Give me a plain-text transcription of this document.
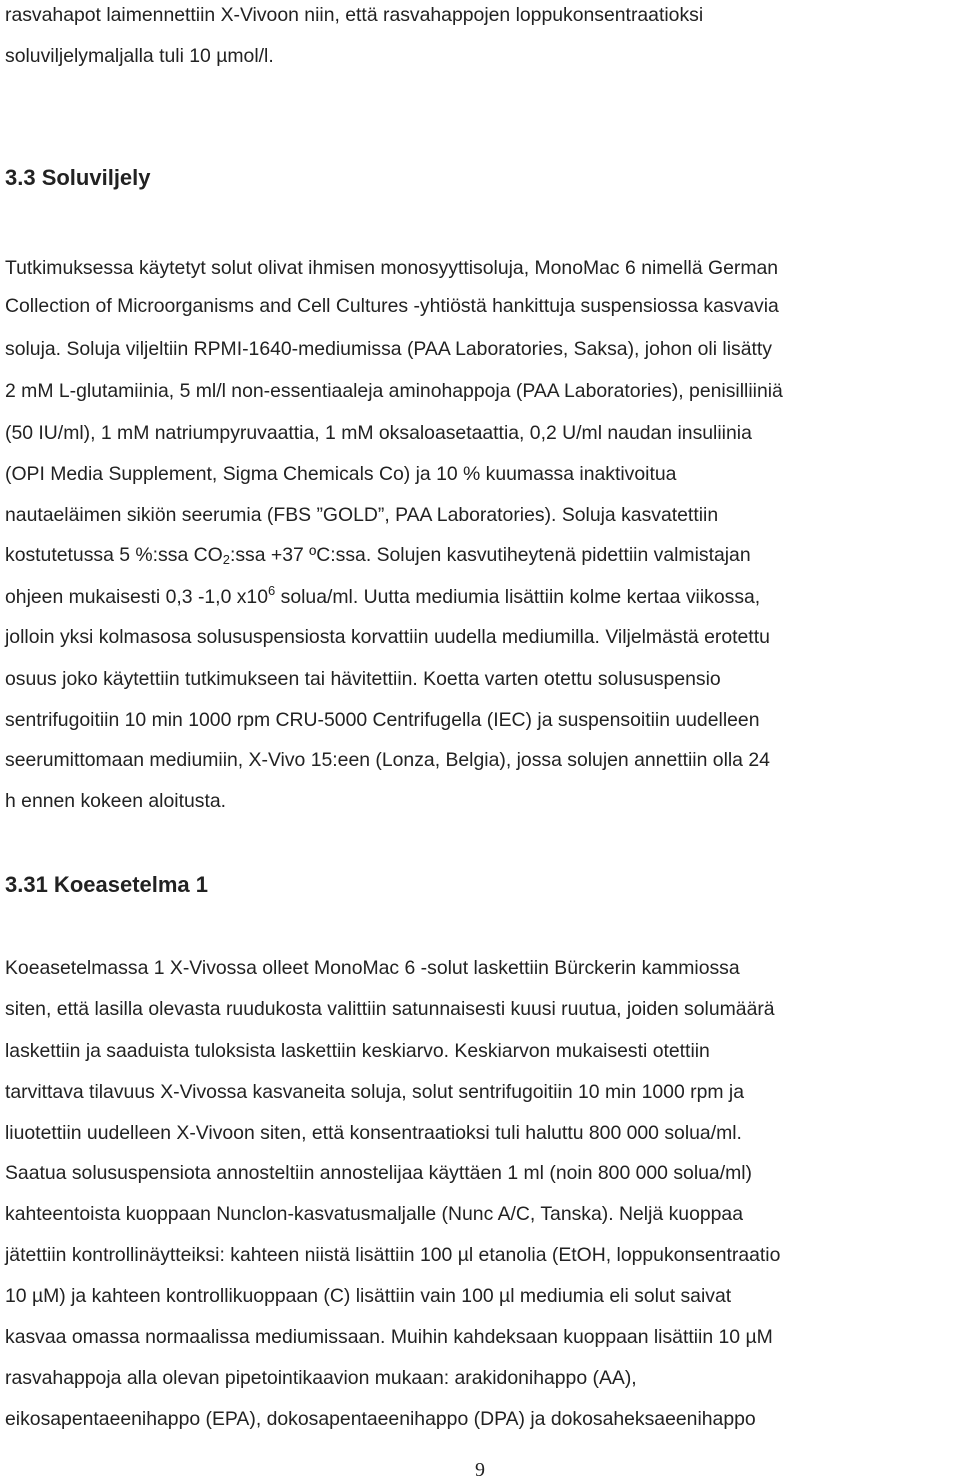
rasvahapot laimennettiin X-Vivoon niin, että rasvahappojen loppukonsentraatioksi
soluviljelymaljalla tuli 10 µmol/l.
3.3 Soluviljely
Tutkimuksessa käytetyt solut olivat ihmisen monosyyttisoluja, MonoMac 6 nimellä German
Collection of Microorganisms and Cell Cultures -yhtiöstä hankittuja suspensiossa kasvavia
soluja. Soluja viljeltiin RPMI-1640-mediumissa (PAA Laboratories, Saksa), johon oli lisätty
2 mM L-glutamiinia, 5 ml/l non-essentiaaleja aminohappoja (PAA Laboratories), penisilliiniä
(50 IU/ml), 1 mM natriumpyruvaattia, 1 mM oksaloasetaattia, 0,2 U/ml naudan insuliinia
(OPI Media Supplement, Sigma Chemicals Co) ja 10 % kuumassa inaktivoitua
nautaeläimen sikiön seerumia (FBS ”GOLD”, PAA Laboratories). Soluja kasvatettiin
kostutetussa 5 %:ssa $CO_2:ssa +37$ ºC:ssa. Solujen kasvutiheytenä pidettiin valmistajan
ohjeen mukaisesti 0,3 -1,0 $x10^6$ solua/ml. Uutta mediumia lisättiin kolme kertaa viikossa,
jolloin yksi kolmasosa solususpensiosta korvattiin uudella mediumilla. Viljelmästä erotettu
osuus joko käytettiin tutkimukseen tai hävitettiin. Koetta varten otettu solususpensio
sentrifugoitiin 10 min 1000 rpm CRU-5000 Centrifugella (IEC) ja suspensoitiin uudelleen
seerumittomaan mediumiin, X-Vivo 15:een (Lonza, Belgia), jossa solujen annettiin olla 24
h ennen kokeen aloitusta.
3.31 Koeasetelma 1
Koeasetelmassa 1 X-Vivossa olleet MonoMac 6 -solut laskettiin Bürckerin kammiossa
siten, että lasilla olevasta ruudukosta valittiin satunnaisesti kuusi ruutua, joiden solumäärä
laskettiin ja saaduista tuloksista laskettiin keskiarvo. Keskiarvon mukaisesti otettiin
tarvittava tilavuus X-Vivossa kasvaneita soluja, solut sentrifugoitiin 10 min 1000 rpm ja
liuotettiin uudelleen X-Vivoon siten, että konsentraatioksi tuli haluttu 800 000 solua/ml.
Saatua solususpensiota annosteltiin annostelijaa käyttäen 1 ml (noin 800 000 solua/ml)
kahteentoista kuoppaan Nunclon-kasvatusmaljalle (Nunc A/C, Tanska). Neljä kuoppaa
jätettiin kontrollinäytteiksi: kahteen niistä lisättiin 100 µl etanolia (EtOH, loppukonsentraatio
10 µM) ja kahteen kontrollikuoppaan (C) lisättiin vain 100 µl mediumia eli solut saivat
kasvaa omassa normaalissa mediumissaan. Muihin kahdeksaan kuoppaan lisättiin 10 µM
rasvahappoja alla olevan pipetointikaavion mukaan: arakidonihappo (AA),
eikosapentaeenihappo (EPA), dokosapentaeenihappo (DPA) ja dokosaheksaeenihappo
9
